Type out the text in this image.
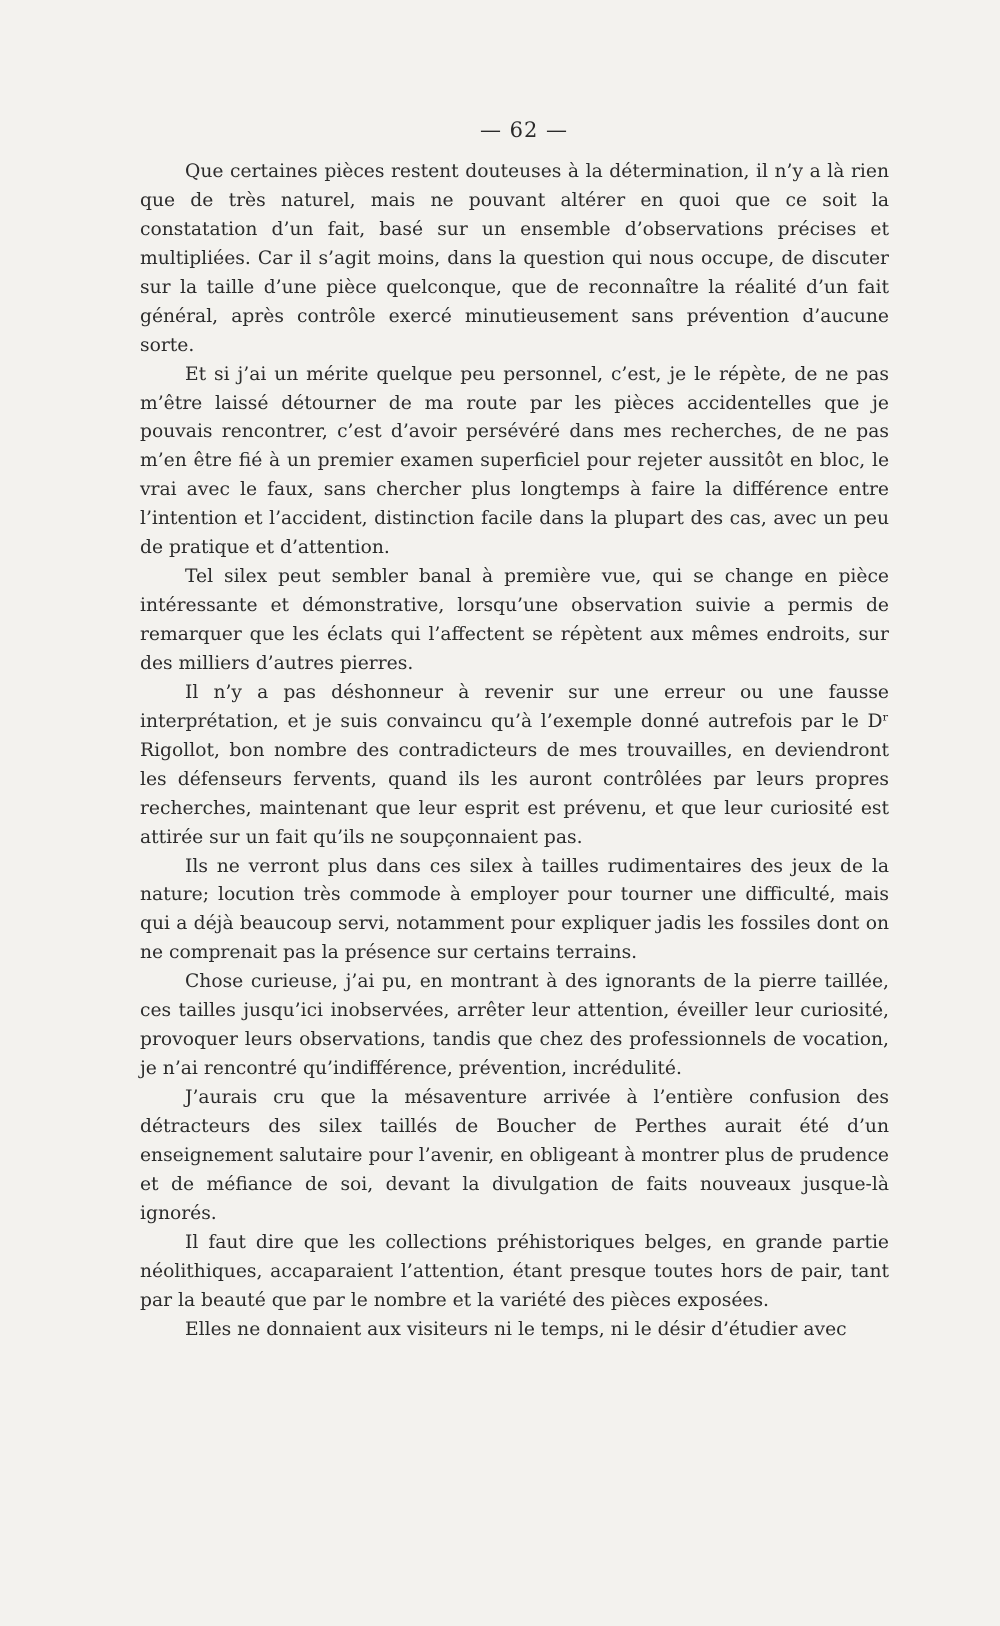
— 62 —

Que certaines pièces restent douteuses à la détermination, il n’y a là rien que de très naturel, mais ne pouvant altérer en quoi que ce soit la constatation d’un fait, basé sur un ensemble d’observations précises et multipliées. Car il s’agit moins, dans la question qui nous occupe, de discuter sur la taille d’une pièce quelconque, que de reconnaître la réalité d’un fait général, après contrôle exercé minutieusement sans prévention d’aucune sorte.

Et si j’ai un mérite quelque peu personnel, c’est, je le répète, de ne pas m’être laissé détourner de ma route par les pièces accidentelles que je pouvais rencontrer, c’est d’avoir persévéré dans mes recherches, de ne pas m’en être fié à un premier examen superficiel pour rejeter aussitôt en bloc, le vrai avec le faux, sans chercher plus longtemps à faire la différence entre l’intention et l’accident, distinction facile dans la plupart des cas, avec un peu de pratique et d’attention.

Tel silex peut sembler banal à première vue, qui se change en pièce intéressante et démonstrative, lorsqu’une observation suivie a permis de remarquer que les éclats qui l’affectent se répètent aux mêmes endroits, sur des milliers d’autres pierres.

Il n’y a pas déshonneur à revenir sur une erreur ou une fausse interprétation, et je suis convaincu qu’à l’exemple donné autrefois par le Dʳ Rigollot, bon nombre des contradicteurs de mes trouvailles, en deviendront les défenseurs fervents, quand ils les auront contrôlées par leurs propres recherches, maintenant que leur esprit est prévenu, et que leur curiosité est attirée sur un fait qu’ils ne soupçonnaient pas.

Ils ne verront plus dans ces silex à tailles rudimentaires des jeux de la nature; locution très commode à employer pour tourner une difficulté, mais qui a déjà beaucoup servi, notamment pour expliquer jadis les fossiles dont on ne comprenait pas la présence sur certains terrains.

Chose curieuse, j’ai pu, en montrant à des ignorants de la pierre taillée, ces tailles jusqu’ici inobservées, arrêter leur attention, éveiller leur curiosité, provoquer leurs observations, tandis que chez des professionnels de vocation, je n’ai rencontré qu’indifférence, prévention, incrédulité.

J’aurais cru que la mésaventure arrivée à l’entière confusion des détracteurs des silex taillés de Boucher de Perthes aurait été d’un enseignement salutaire pour l’avenir, en obligeant à montrer plus de prudence et de méfiance de soi, devant la divulgation de faits nouveaux jusque-là ignorés.

Il faut dire que les collections préhistoriques belges, en grande partie néolithiques, accaparaient l’attention, étant presque toutes hors de pair, tant par la beauté que par le nombre et la variété des pièces exposées.

Elles ne donnaient aux visiteurs ni le temps, ni le désir d’étudier avec
